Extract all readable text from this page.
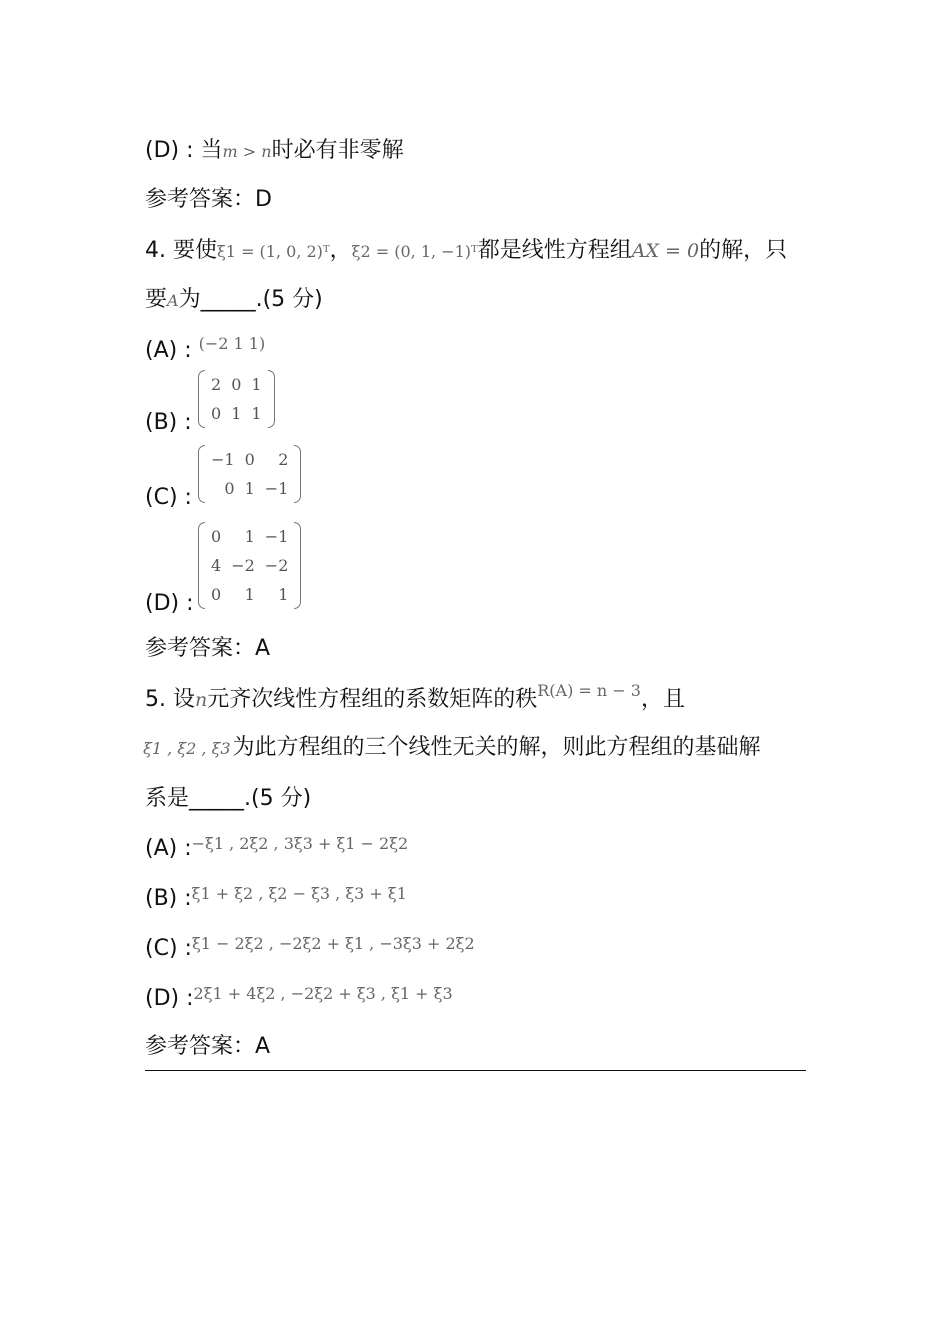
(D) : 当m > n时必有非零解
参考答案：D
4. 要使ξ1 = (1, 0, 2)ᵀ，ξ2 = (0, 1, −1)ᵀ都是线性方程组AX = 0的解，只
要A为_____.(5 分)
(A) : $^{(-2 1 1)}$
(B) :
2	0	1
0	1	1
(C) :
−1	0	2
0	1	−1
(D) :
0	1	−1
4	−2	−2
0	1	1
参考答案：A
5. 设n元齐次线性方程组的系数矩阵的秩$^{R(A) = n - 3}$，且
ξ1 , ξ2 , ξ3为此方程组的三个线性无关的解，则此方程组的基础解
系是_____.(5 分)
(A) :$^{-\xi 1 , 2\xi 2 , 3\xi 3 + \xi 1 - 2\xi 2}$
(B) :$^{\xi 1 + \xi 2 , \xi 2 - \xi 3 , \xi 3 + \xi 1}$
(C) :$^{\xi 1 - 2\xi 2 , -2\xi 2 + \xi 1 , -3\xi 3 + 2\xi 2}$
(D) :$^{2\xi 1 + 4\xi 2 , -2\xi 2 + \xi 3 , \xi 1 + \xi 3}$
参考答案：A
